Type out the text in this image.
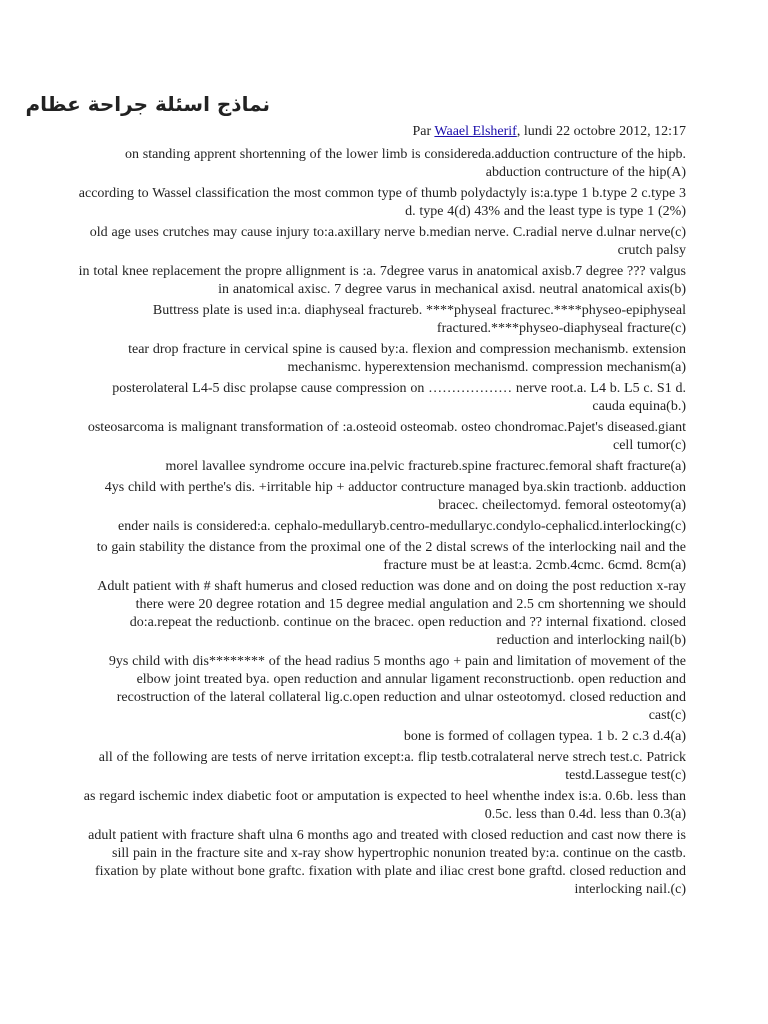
نماذج اسئلة جراحة عظام
Par Waael Elsherif, lundi 22 octobre 2012, 12:17

on standing apprent shortenning of the lower limb is considereda.adduction contructure of the hipb. abduction contructure of the hip(A)

according to Wassel classification the most common type of thumb polydactyly is:a.type 1 b.type 2 c.type 3 d. type 4(d) 43% and the least type is type 1 (2%)

old age uses crutches may cause injury to:a.axillary nerve b.median nerve. C.radial nerve d.ulnar nerve(c) crutch palsy

in total knee replacement the propre allignment is :a. 7degree varus in anatomical axisb.7 degree ??? valgus in anatomical axisc. 7 degree varus in mechanical axisd. neutral anatomical axis(b)

Buttress plate is used in:a. diaphyseal fractureb. ****physeal fracturec.****physeo-epiphyseal fractured.****physeo-diaphyseal fracture(c)

tear drop fracture in cervical spine is caused by:a. flexion and compression mechanismb. extension mechanismc. hyperextension mechanismd. compression mechanism(a)

posterolateral L4-5 disc prolapse cause compression on ……………… nerve root.a. L4 b. L5 c. S1 d. cauda equina(b.)

osteosarcoma is malignant transformation of :a.osteoid osteomab. osteo chondromac.Pajet's diseased.giant cell tumor(c)

morel lavallee syndrome occure ina.pelvic fractureb.spine fracturec.femoral shaft fracture(a)

4ys child with perthe's dis. +irritable hip + adductor contructure managed bya.skin tractionb. adduction bracec. cheilectomyd. femoral osteotomy(a)

ender nails is considered:a. cephalo-medullaryb.centro-medullaryc.condylo-cephalicd.interlocking(c)

to gain stability the distance from the proximal one of the 2 distal screws of the interlocking nail and the fracture must be at least:a. 2cmb.4cmc. 6cmd. 8cm(a)

Adult patient with # shaft humerus and closed reduction was done and on doing the post reduction x-ray there were 20 degree rotation and 15 degree medial angulation and 2.5 cm shortenning we should do:a.repeat the reductionb. continue on the bracec. open reduction and ?? internal fixationd. closed reduction and interlocking nail(b)

9ys child with dis******** of the head radius 5 months ago + pain and limitation of movement of the elbow joint treated bya. open reduction and annular ligament reconstructionb. open reduction and recostruction of the lateral collateral lig.c.open reduction and ulnar osteotomyd. closed reduction and cast(c)

bone is formed of collagen typea. 1 b. 2 c.3 d.4(a)

all of the following are tests of nerve irritation except:a. flip testb.cotralateral nerve strech test.c. Patrick testd.Lassegue test(c)

as regard ischemic index diabetic foot or amputation is expected to heel whenthe index is:a. 0.6b. less than 0.5c. less than 0.4d. less than 0.3(a)

adult patient with fracture shaft ulna 6 months ago and treated with closed reduction and cast now there is sill pain in the fracture site and x-ray show hypertrophic nonunion treated by:a. continue on the castb. fixation by plate without bone graftc. fixation with plate and iliac crest bone graftd. closed reduction and interlocking nail.(c)
